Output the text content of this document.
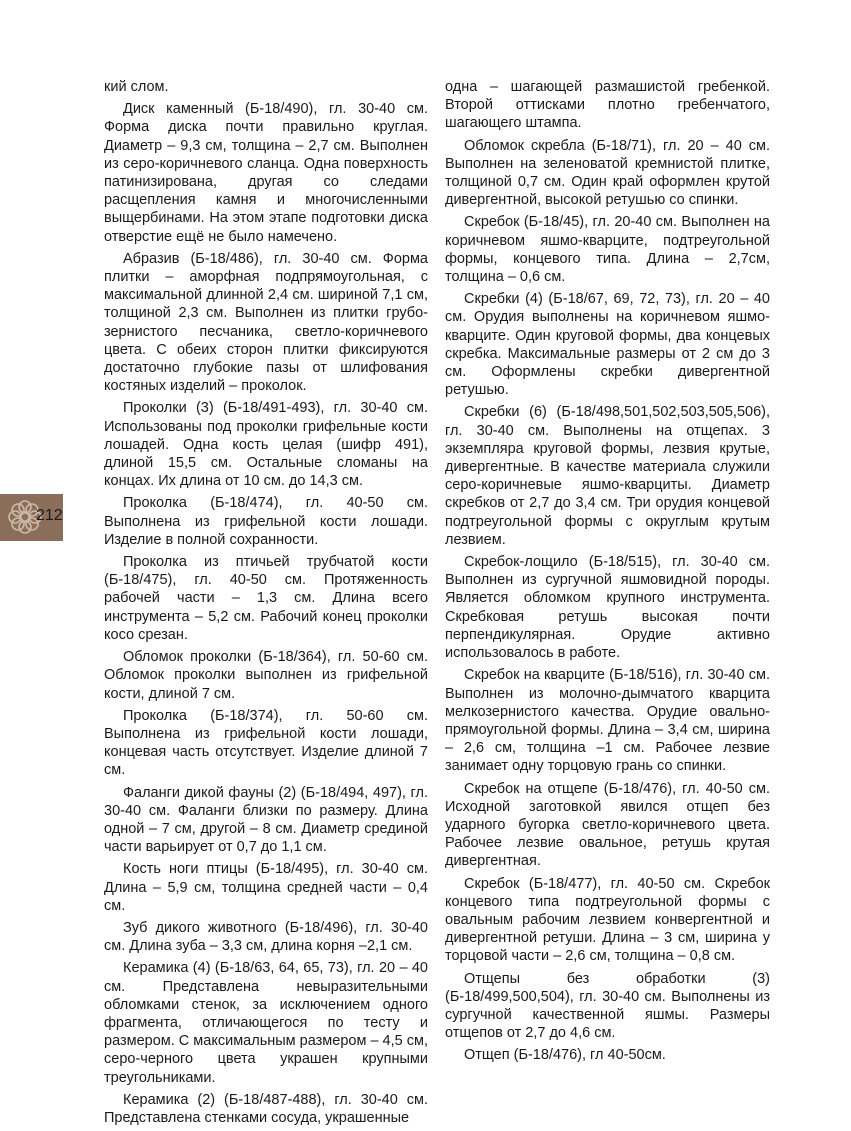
кий слом.

Диск каменный (Б-18/490), гл. 30-40 см. Форма диска почти правильно круглая. Диаметр – 9,3 см, толщина – 2,7 см. Выполнен из серо-коричневого сланца. Одна поверхность патинизирована, другая со следами расщепления камня и многочисленными выщербинами. На этом этапе подготовки диска отверстие ещё не было намечено.

Абразив (Б-18/486), гл. 30-40 см. Форма плитки – аморфная подпрямоугольная, с максимальной длинной 2,4 см. шириной 7,1 см, толщиной 2,3 см. Выполнен из плитки грубо-зернистого песчаника, светло-коричневого цвета. С обеих сторон плитки фиксируются достаточно глубокие пазы от шлифования костяных изделий – проколок.

Проколки (3) (Б-18/491-493), гл. 30-40 см. Использованы под проколки грифельные кости лошадей. Одна кость целая (шифр 491), длиной 15,5 см. Остальные сломаны на концах. Их длина от 10 см. до 14,3 см.

Проколка (Б-18/474), гл. 40-50 см. Выполнена из грифельной кости лошади. Изделие в полной сохранности.

Проколка из птичьей трубчатой кости (Б-18/475), гл. 40-50 см. Протяженность рабочей части – 1,3 см. Длина всего инструмента – 5,2 см. Рабочий конец проколки косо срезан.

Обломок проколки (Б-18/364), гл. 50-60 см. Обломок проколки выполнен из грифельной кости, длиной 7 см.

Проколка (Б-18/374), гл. 50-60 см. Выполнена из грифельной кости лошади, концевая часть отсутствует. Изделие длиной 7 см.

Фаланги дикой фауны (2) (Б-18/494, 497), гл. 30-40 см. Фаланги близки по размеру. Длина одной – 7 см, другой – 8 см. Диаметр срединой части варьирует от 0,7 до 1,1 см.

Кость ноги птицы (Б-18/495), гл. 30-40 см. Длина – 5,9 см, толщина средней части – 0,4 см.

Зуб дикого животного (Б-18/496), гл. 30-40 см. Длина зуба – 3,3 см, длина корня –2,1 см.

Керамика (4) (Б-18/63, 64, 65, 73), гл. 20 – 40 см. Представлена невыразительными обломками стенок, за исключением одного фрагмента, отличающегося по тесту и размером. С максимальным размером – 4,5 см, серо-черного цвета украшен крупными треугольниками.

Керамика (2) (Б-18/487-488), гл. 30-40 см. Представлена стенками сосуда, украшенные

одна – шагающей размашистой гребенкой. Второй оттисками плотно гребенчатого, шагающего штампа.

Обломок скребла (Б-18/71), гл. 20 – 40 см. Выполнен на зеленоватой кремнистой плитке, толщиной 0,7 см. Один край оформлен крутой дивергентной, высокой ретушью со спинки.

Скребок (Б-18/45), гл. 20-40 см. Выполнен на коричневом яшмо-кварците, подтреугольной формы, концевого типа. Длина – 2,7см, толщина – 0,6 см.

Скребки (4) (Б-18/67, 69, 72, 73), гл. 20 – 40 см. Орудия выполнены на коричневом яшмо-кварците. Один круговой формы, два концевых скребка. Максимальные размеры от 2 см до 3 см. Оформлены скребки дивергентной ретушью.

Скребки (6) (Б-18/498,501,502,503,505,506), гл. 30-40 см. Выполнены на отщепах. 3 экземпляра круговой формы, лезвия крутые, дивергентные. В качестве материала служили серо-коричневые яшмо-кварциты. Диаметр скребков от 2,7 до 3,4 см. Три орудия концевой подтреугольной формы с округлым крутым лезвием.

Скребок-лощило (Б-18/515), гл. 30-40 см. Выполнен из сургучной яшмовидной породы. Является обломком крупного инструмента. Скребковая ретушь высокая почти перпендикулярная. Орудие активно использовалось в работе.

Скребок на кварците (Б-18/516), гл. 30-40 см. Выполнен из молочно-дымчатого кварцита мелкозернистого качества. Орудие овально-прямоугольной формы. Длина – 3,4 см, ширина – 2,6 см, толщина –1 см. Рабочее лезвие занимает одну торцовую грань со спинки.

Скребок на отщепе (Б-18/476), гл. 40-50 см. Исходной заготовкой явился отщеп без ударного бугорка светло-коричневого цвета. Рабочее лезвие овальное, ретушь крутая дивергентная.

Скребок (Б-18/477), гл. 40-50 см. Скребок концевого типа подтреугольной формы с овальным рабочим лезвием конвергентной и дивергентной ретуши. Длина – 3 см, ширина у торцовой части – 2,6 см, толщина – 0,8 см.

Отщепы без обработки (3) (Б-18/499,500,504), гл. 30-40 см. Выполнены из сургучной качественной яшмы. Размеры отщепов от 2,7 до 4,6 см.

Отщеп (Б-18/476), гл 40-50см.

212
